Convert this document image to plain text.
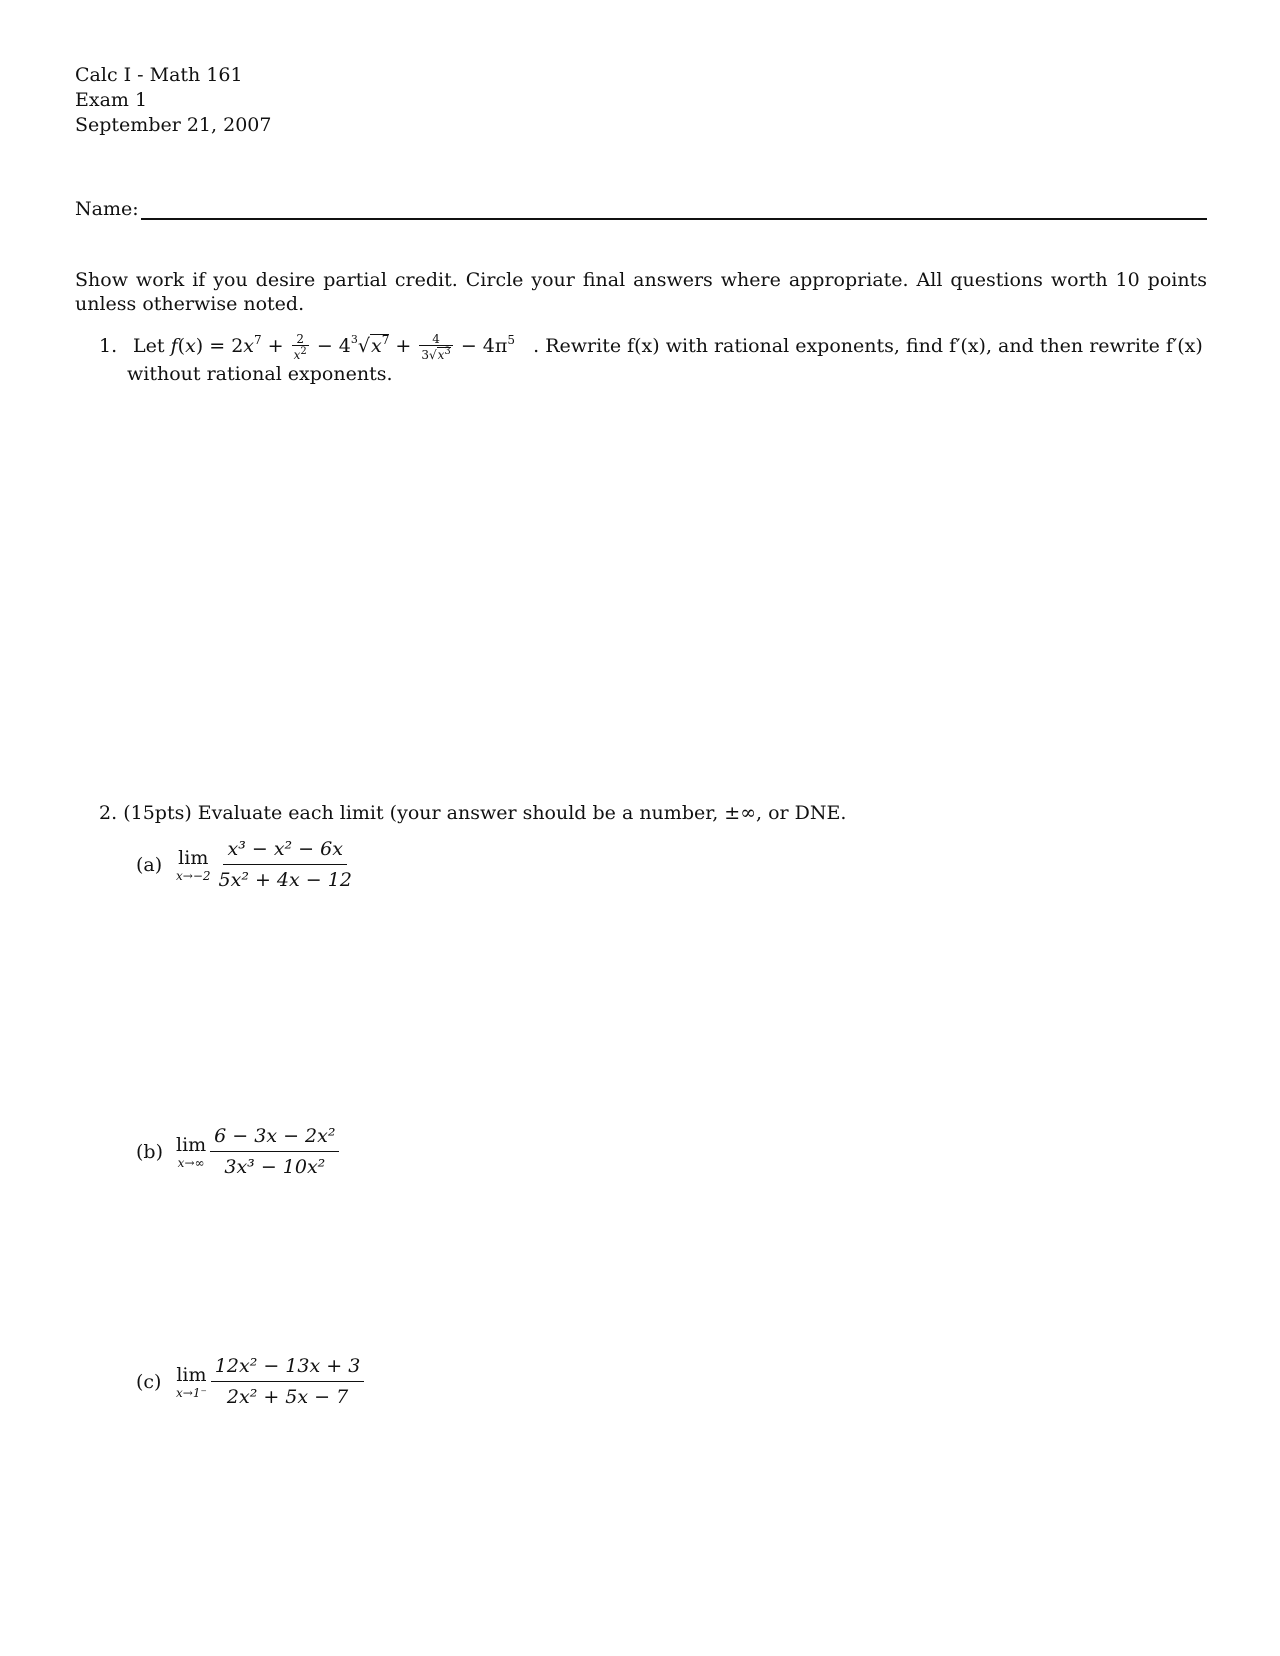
Calc I - Math 161
Exam 1
September 21, 2007
Name:
Show work if you desire partial credit. Circle your final answers where appropriate. All questions worth 10 points unless otherwise noted.
1. Let $f(x) = 2x^7 + \frac{2}{x^2} - 4^3√x^7 + \frac{4}{3√x^3} - 4\pi^5$ . Rewrite f(x) with rational exponents, find f′(x), and then rewrite f′(x)
without rational exponents.
2. (15pts) Evaluate each limit (your answer should be a number, ±∞, or DNE.
(a) lim
$x\to-2 \frac{\text{x³ − x² − 6x}}{\text{5x² + 4x − 12}}$
(b) lim
$x\to\infty \frac{\text{6 − 3x − 2x²}}{\text{3x³ − 10x²}}$
(c) lim
$x\to 1^- \frac{\text{12x² − 13x + 3}}{\text{2x² + 5x − 7}}$
